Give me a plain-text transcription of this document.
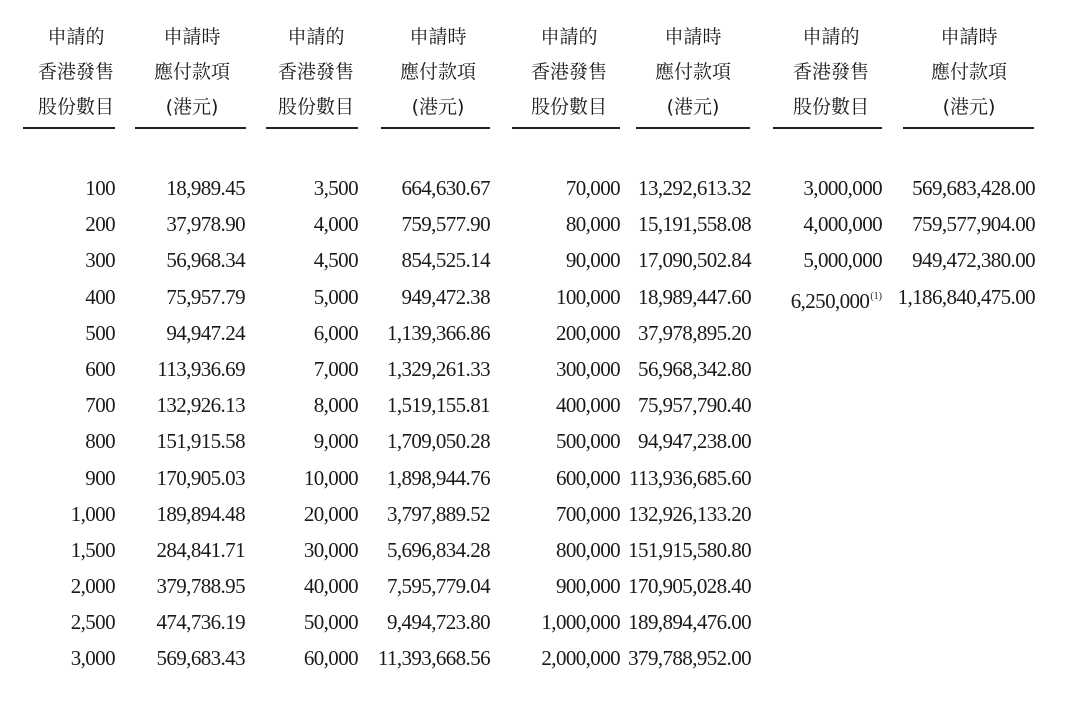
申請的
香港發售
股份數目
申請時
應付款項
(港元)
申請的
香港發售
股份數目
申請時
應付款項
(港元)
申請的
香港發售
股份數目
申請時
應付款項
(港元)
申請的
香港發售
股份數目
申請時
應付款項
(港元)
100
200
300
400
500
600
700
800
900
1,000
1,500
2,000
2,500
3,000
18,989.45
37,978.90
56,968.34
75,957.79
94,947.24
113,936.69
132,926.13
151,915.58
170,905.03
189,894.48
284,841.71
379,788.95
474,736.19
569,683.43
3,500
4,000
4,500
5,000
6,000
7,000
8,000
9,000
10,000
20,000
30,000
40,000
50,000
60,000
664,630.67
759,577.90
854,525.14
949,472.38
1,139,366.86
1,329,261.33
1,519,155.81
1,709,050.28
1,898,944.76
3,797,889.52
5,696,834.28
7,595,779.04
9,494,723.80
11,393,668.56
70,000
80,000
90,000
100,000
200,000
300,000
400,000
500,000
600,000
700,000
800,000
900,000
1,000,000
2,000,000
13,292,613.32
15,191,558.08
17,090,502.84
18,989,447.60
37,978,895.20
56,968,342.80
75,957,790.40
94,947,238.00
113,936,685.60
132,926,133.20
151,915,580.80
170,905,028.40
189,894,476.00
379,788,952.00
3,000,000
4,000,000
5,000,000
6,250,000$^{(1)}$
569,683,428.00
759,577,904.00
949,472,380.00
1,186,840,475.00
